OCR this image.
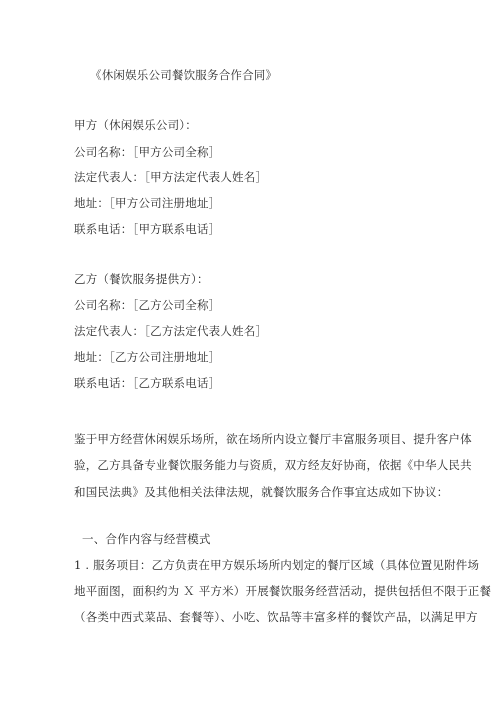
《休闲娱乐公司餐饮服务合作合同》
甲方（休闲娱乐公司）：
公司名称：［甲方公司全称］
法定代表人：［甲方法定代表人姓名］
地址：［甲方公司注册地址］
联系电话：［甲方联系电话］
乙方（餐饮服务提供方）：
公司名称：［乙方公司全称］
法定代表人：［乙方法定代表人姓名］
地址：［乙方公司注册地址］
联系电话：［乙方联系电话］
鉴于甲方经营休闲娱乐场所，欲在场所内设立餐厅丰富服务项目、提升客户体
验，乙方具备专业餐饮服务能力与资质，双方经友好协商，依据《中华人民共
和国民法典》及其他相关法律法规，就餐饮服务合作事宜达成如下协议：
一、合作内容与经营模式
1 . 服务项目：乙方负责在甲方娱乐场所内划定的餐厅区域（具体位置见附件场
地平面图，面积约为 Ｘ 平方米）开展餐饮服务经营活动，提供包括但不限于正餐
（各类中西式菜品、套餐等）、小吃、饮品等丰富多样的餐饮产品，以满足甲方
